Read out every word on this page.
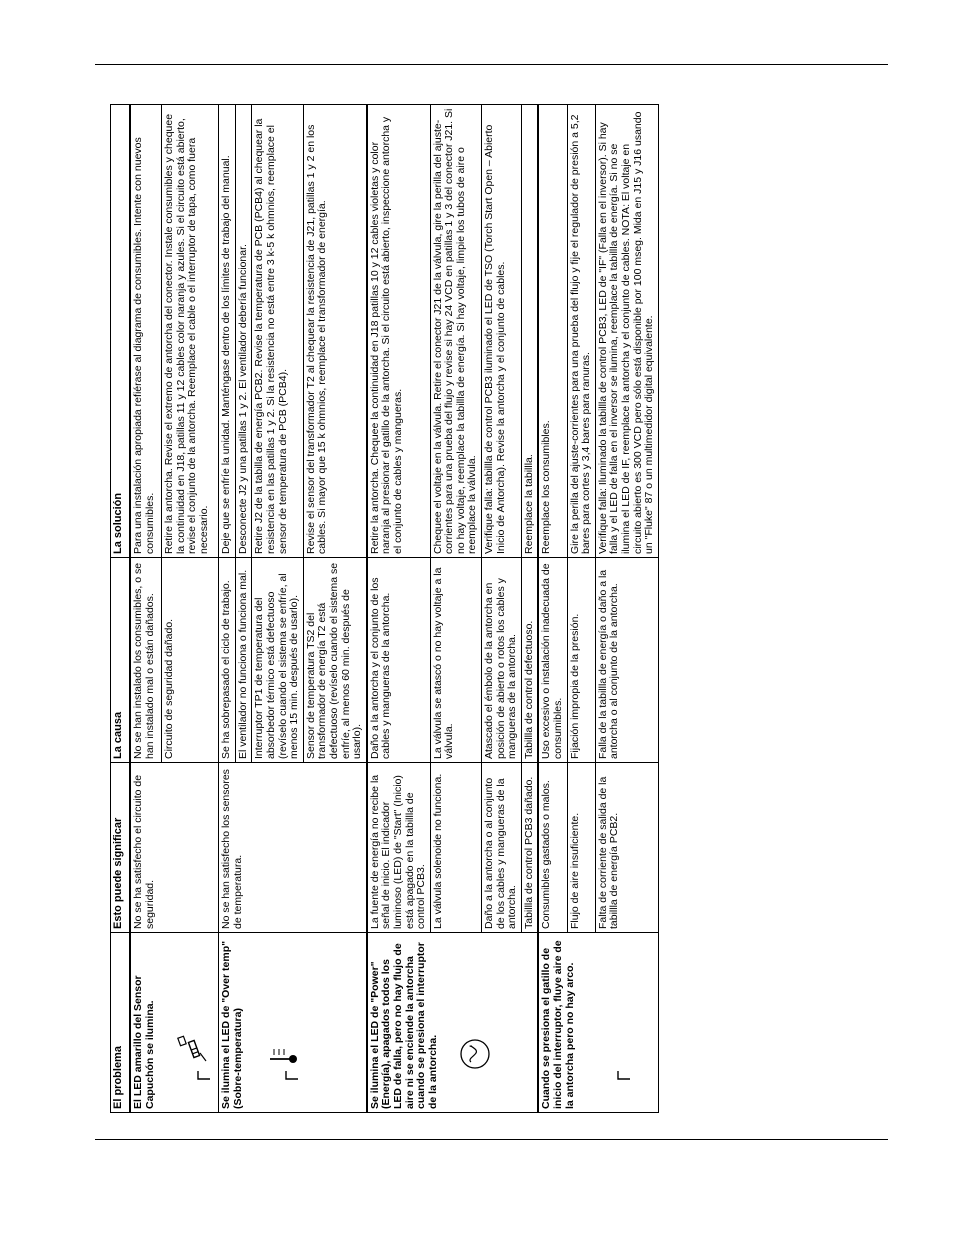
El problema	Esto puede significar	La causa	La solución
El LED amarillo del Sensor Capuchón se ilumina.	No se ha satisfecho el circuito de seguridad.	No se han instalado los consumibles, o se han instalado mal o están dañados.	Para una instalación apropiada refiérase al diagrama de consumibles. Intente con nuevos consumibles.
		Circuito de seguridad dañado.	Retire la antorcha. Revise el extremo de antorcha del conector. Instale consumibles y chequee la continuidad en J18, patillas 11 y 12 cables color naranja y azules. Si el circuito está abierto, revise el conjunto de la antorcha. Reemplace el cable o el interruptor de tapa, como fuera necesario.
Se ilumina el LED de "Over temp" (Sobre-temperatura)	No se han satisfecho los sensores de temperatura.	Se ha sobrepasado el ciclo de trabajo.	Deje que se enfríe la unidad. Manténgase dentro de los límites de trabajo del manual.
		El ventilador no funciona o funciona mal.	Desconecte J2 y una patillas 1 y 2. El ventilador debería funcionar.
		Interruptor TP1 de temperatura del absorbedor térmico está defectuoso (revíselo cuando el sistema se enfríe, al menos 15 min. después de usarlo).	Retire J2 de la tabilla de energía PCB2. Revise la temperatura de PCB (PCB4) al chequear la resistencia en las patillas 1 y 2. Si la resistencia no está entre 3 k-5 k ohmnios, reemplace el sensor de temperatura de PCB (PCB4).
		Sensor de temperatura TS2 del transformador de energía T2 está defectuoso (revíselo cuando el sistema se enfríe, al menos 60 min. después de usarlo).	Revise el sensor del transformador T2 al chequear la resistencia de J21, patillas 1 y 2 en los cables. Si mayor que 15 k ohmnios, reemplace el transformador de energía.
Se ilumina el LED de "Power" (Energía), apagados todos los LED de falla, pero no hay flujo de aire ni se enciende la antorcha cuando se presiona el interruptor de la antorcha.	La fuente de energía no recibe la señal de inicio. El indicador luminoso (LED) de "Start" (Inicio) está apagado en la tabillla de control PCB3.	Daño a la antorcha y el conjunto de los cables y mangueras de la antorcha.	Retire la antorcha. Chequee la continuidad en J18 patillas 10 y 12 cables violetas y color naranja al presionar el gatillo de la antorcha. Si el circuito está abierto, inspeccione antorcha y el conjunto de cables y mangueras.
	La válvula solenoide no funciona.	La válvula se atascó o no hay voltaje a la válvula.	Chequee el voltaje en la válvula. Retire el conector J21 de la válvula, gire la perilla del ajuste-corrientes para una prueba del flujo y revise si hay 24 VCD en patillas 1 y 3 del conector J21. Si no hay voltaje, reemplace la tabillla de energía. Si hay voltaje, limpie los tubos de aire o reemplace la válvula.
	Daño a la antorcha o al conjunto de los cables y mangueras de la antorcha.	Atascado el émbolo de la antorcha en posición de abierto o rotos los cables y mangueras de la antorcha.	Verifique falla: tabillla de control PCB3 iluminado el LED de TSO (Torch Start Open – Abierto Inicio de Antorcha). Revise la antorcha y el conjunto de cables.
	Tabillla de control PCB3 dañado.	Tabillla de control defectuoso.	Reemplace la tabillla.
Cuando se presiona el gatillo de inicio del interruptor, fluye aire de la antorcha pero no hay arco.	Consumibles gastados o malos.	Uso excesivo o instalación inadecuada de consumibles.	Reemplace los consumibles.
	Flujo de aire insuficiente.	Fijación impropia de la presión.	Gire la perilla del ajuste-corrientes para una prueba del flujo y fije el regulador de presión a 5,2 bares para cortes y 3,4 bares para ranuras.
	Falta de corriente de salida de la tabillla de energía PCB2.	Falla de la tabillla de energía o daño a la antorcha o al conjunto de la antorcha.	Verifique falla: Iluminado la tabillla de control PCB3, LED de "IF" (Falla en el inversor). Si hay falla y el LED de falla en el inversor se ilumina, reemplace la tabillla de energía. Si no se ilumina el LED de IF, reemplace la antorcha y el conjunto de cables. NOTA: El voltaje en circuito abierto es 300 VCD pero sólo está disponible por 100 mseg. Mida en J15 y J16 usando un "Fluke" 87 o un multimedidor digital equivalente.
